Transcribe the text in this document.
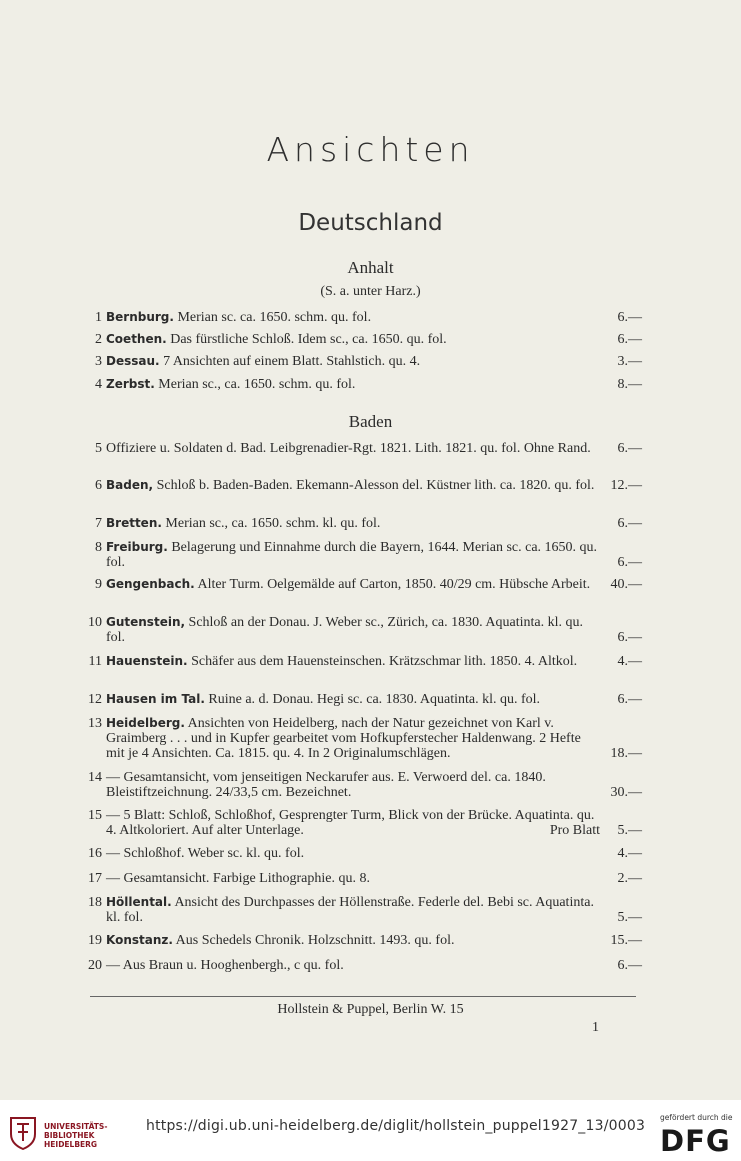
Ansichten
Deutschland
Anhalt
(S. a. unter Harz.)
1 Bernburg. Merian sc. ca. 1650. schm. qu. fol.	6.—
2 Coethen. Das fürstliche Schloß. Idem sc., ca. 1650. qu. fol.	6.—
3 Dessau. 7 Ansichten auf einem Blatt. Stahlstich. qu. 4.	3.—
4 Zerbst. Merian sc., ca. 1650. schm. qu. fol.	8.—
Baden
5 Offiziere u. Soldaten d. Bad. Leibgrenadier-Rgt. 1821. Lith. 1821. qu. fol. Ohne Rand.	6.—
6 Baden, Schloß b. Baden-Baden. Ekemann-Alesson del. Küstner lith. ca. 1820. qu. fol.	12.—
7 Bretten. Merian sc., ca. 1650. schm. kl. qu. fol.	6.—
8 Freiburg. Belagerung und Einnahme durch die Bayern, 1644. Merian sc. ca. 1650. qu. fol.	6.—
9 Gengenbach. Alter Turm. Oelgemälde auf Carton, 1850. 40/29 cm. Hübsche Arbeit.	40.—
10 Gutenstein, Schloß an der Donau. J. Weber sc., Zürich, ca. 1830. Aquatinta. kl. qu. fol.	6.—
11 Hauenstein. Schäfer aus dem Hauensteinschen. Krätzschmar lith. 1850. 4. Altkol.	4.—
12 Hausen im Tal. Ruine a. d. Donau. Hegi sc. ca. 1830. Aquatinta. kl. qu. fol.	6.—
13 Heidelberg. Ansichten von Heidelberg, nach der Natur gezeichnet von Karl v. Graimberg . . . und in Kupfer gearbeitet vom Hofkupferstecher Haldenwang. 2 Hefte mit je 4 Ansichten. Ca. 1815. qu. 4. In 2 Originalumschlägen.	18.—
14 — Gesamtansicht, vom jenseitigen Neckarufer aus. E. Verwoerd del. ca. 1840. Bleistiftzeichnung. 24/33,5 cm. Bezeichnet.	30.—
15 — 5 Blatt: Schloß, Schloßhof, Gesprengter Turm, Blick von der Brücke. Aquatinta. qu. 4. Altkoloriert. Auf alter Unterlage.	Pro Blatt 5.—
16 — Schloßhof. Weber sc. kl. qu. fol.	4.—
17 — Gesamtansicht. Farbige Lithographie. qu. 8.	2.—
18 Höllental. Ansicht des Durchpasses der Höllenstraße. Federle del. Bebi sc. Aquatinta. kl. fol.	5.—
19 Konstanz. Aus Schedels Chronik. Holzschnitt. 1493. qu. fol.	15.—
20 — Aus Braun u. Hooghenbergh., c qu. fol.	6.—
Hollstein & Puppel, Berlin W. 15
1
UNIVERSITÄTS-
BIBLIOTHEK
HEIDELBERG
https://digi.ub.uni-heidelberg.de/diglit/hollstein_puppel1927_13/0003
gefördert durch die
DFG
